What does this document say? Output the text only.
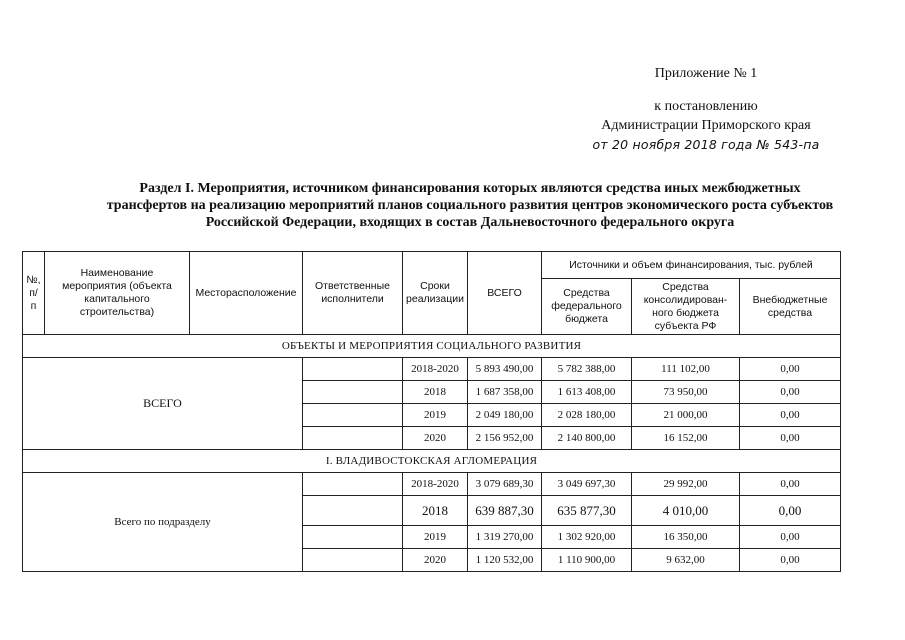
Приложение № 1
к постановлению
Администрации Приморского края
от 20 ноября 2018 года № 543-па
Раздел I. Мероприятия, источником финансирования которых являются средства иных межбюджетных трансфертов на реализацию мероприятий планов социального развития центров экономического роста субъектов Российской Федерации, входящих в состав Дальневосточного федерального округа
№, п/ п	Наименование мероприятия (объекта капитального строительства)	Месторасположение	Ответственные исполнители	Сроки реализации	ВСЕГО	Источники и объем финансирования, тыс. рублей		
						Средства федерального бюджета	Средства консолидирован-ного бюджета субъекта РФ	Внебюджетные средства
ОБЪЕКТЫ И МЕРОПРИЯТИЯ СОЦИАЛЬНОГО РАЗВИТИЯ								
ВСЕГО				2018-2020	5 893 490,00	5 782 388,00	111 102,00	0,00
				2018	1 687 358,00	1 613 408,00	73 950,00	0,00
				2019	2 049 180,00	2 028 180,00	21 000,00	0,00
				2020	2 156 952,00	2 140 800,00	16 152,00	0,00
I. ВЛАДИВОСТОКСКАЯ АГЛОМЕРАЦИЯ								
Всего по подразделу				2018-2020	3 079 689,30	3 049 697,30	29 992,00	0,00
				2018	639 887,30	635 877,30	4 010,00	0,00
				2019	1 319 270,00	1 302 920,00	16 350,00	0,00
				2020	1 120 532,00	1 110 900,00	9 632,00	0,00
